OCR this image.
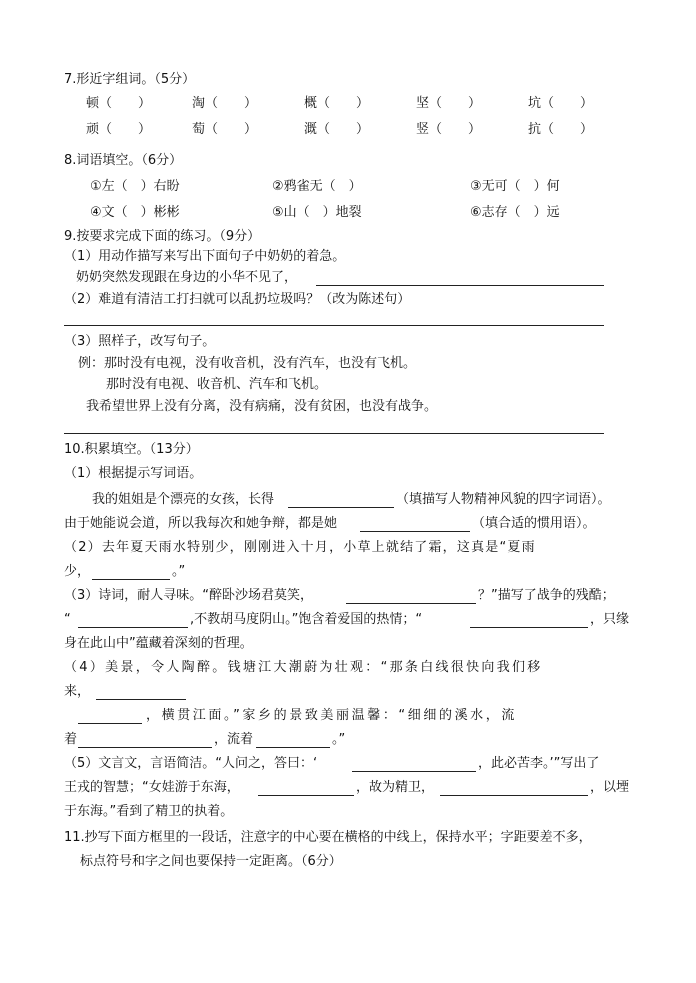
7.形近字组词。（5分）
顿（　　）	淘（　　）	概（　　）	坚（　　）	坑（　　）
顽（　　）	萄（　　）	溉（　　）	竖（　　）	抗（　　）
8.词语填空。（6分）
①左（　）右盼	②鸦雀无（　）	③无可（　）何
④文（　）彬彬	⑤山（　）地裂	⑥志存（　）远
9.按要求完成下面的练习。（9分）
（1）用动作描写来写出下面句子中奶奶的着急。
奶奶突然发现跟在身边的小华不见了，
（2）难道有清洁工打扫就可以乱扔垃圾吗？（改为陈述句）
（3）照样子，改写句子。
例：那时没有电视，没有收音机，没有汽车，也没有飞机。
那时没有电视、收音机、汽车和飞机。
我希望世界上没有分离，没有病痛，没有贫困，也没有战争。
10.积累填空。（13分）
（1）根据提示写词语。
我的姐姐是个漂亮的女孩，长得	（填描写人物精神风貌的四字词语）。
由于她能说会道，所以我每次和她争辩，都是她	（填合适的惯用语）。
（2）去年夏天雨水特别少，刚刚进入十月，小草上就结了霜，这真是“夏雨
少，	。”
（3）诗词，耐人寻味。“醉卧沙场君莫笑，	？”描写了战争的残酷；
“	,不教胡马度阴山。”饱含着爱国的热情；“	，只缘
身在此山中”蕴藏着深刻的哲理。
（4）美景，令人陶醉。钱塘江大潮蔚为壮观：“那条白线很快向我们移
来，
，横贯江面。”家乡的景致美丽温馨：“细细的溪水，流
着	，流着	。”
（5）文言文，言语简洁。“人问之，答曰：‘	，此必苦李。’”写出了
王戎的智慧；“女娃游于东海，	，故为精卫，	，以堙
于东海。”看到了精卫的执着。
11.抄写下面方框里的一段话，注意字的中心要在横格的中线上，保持水平；字距要差不多，
标点符号和字之间也要保持一定距离。（6分）
